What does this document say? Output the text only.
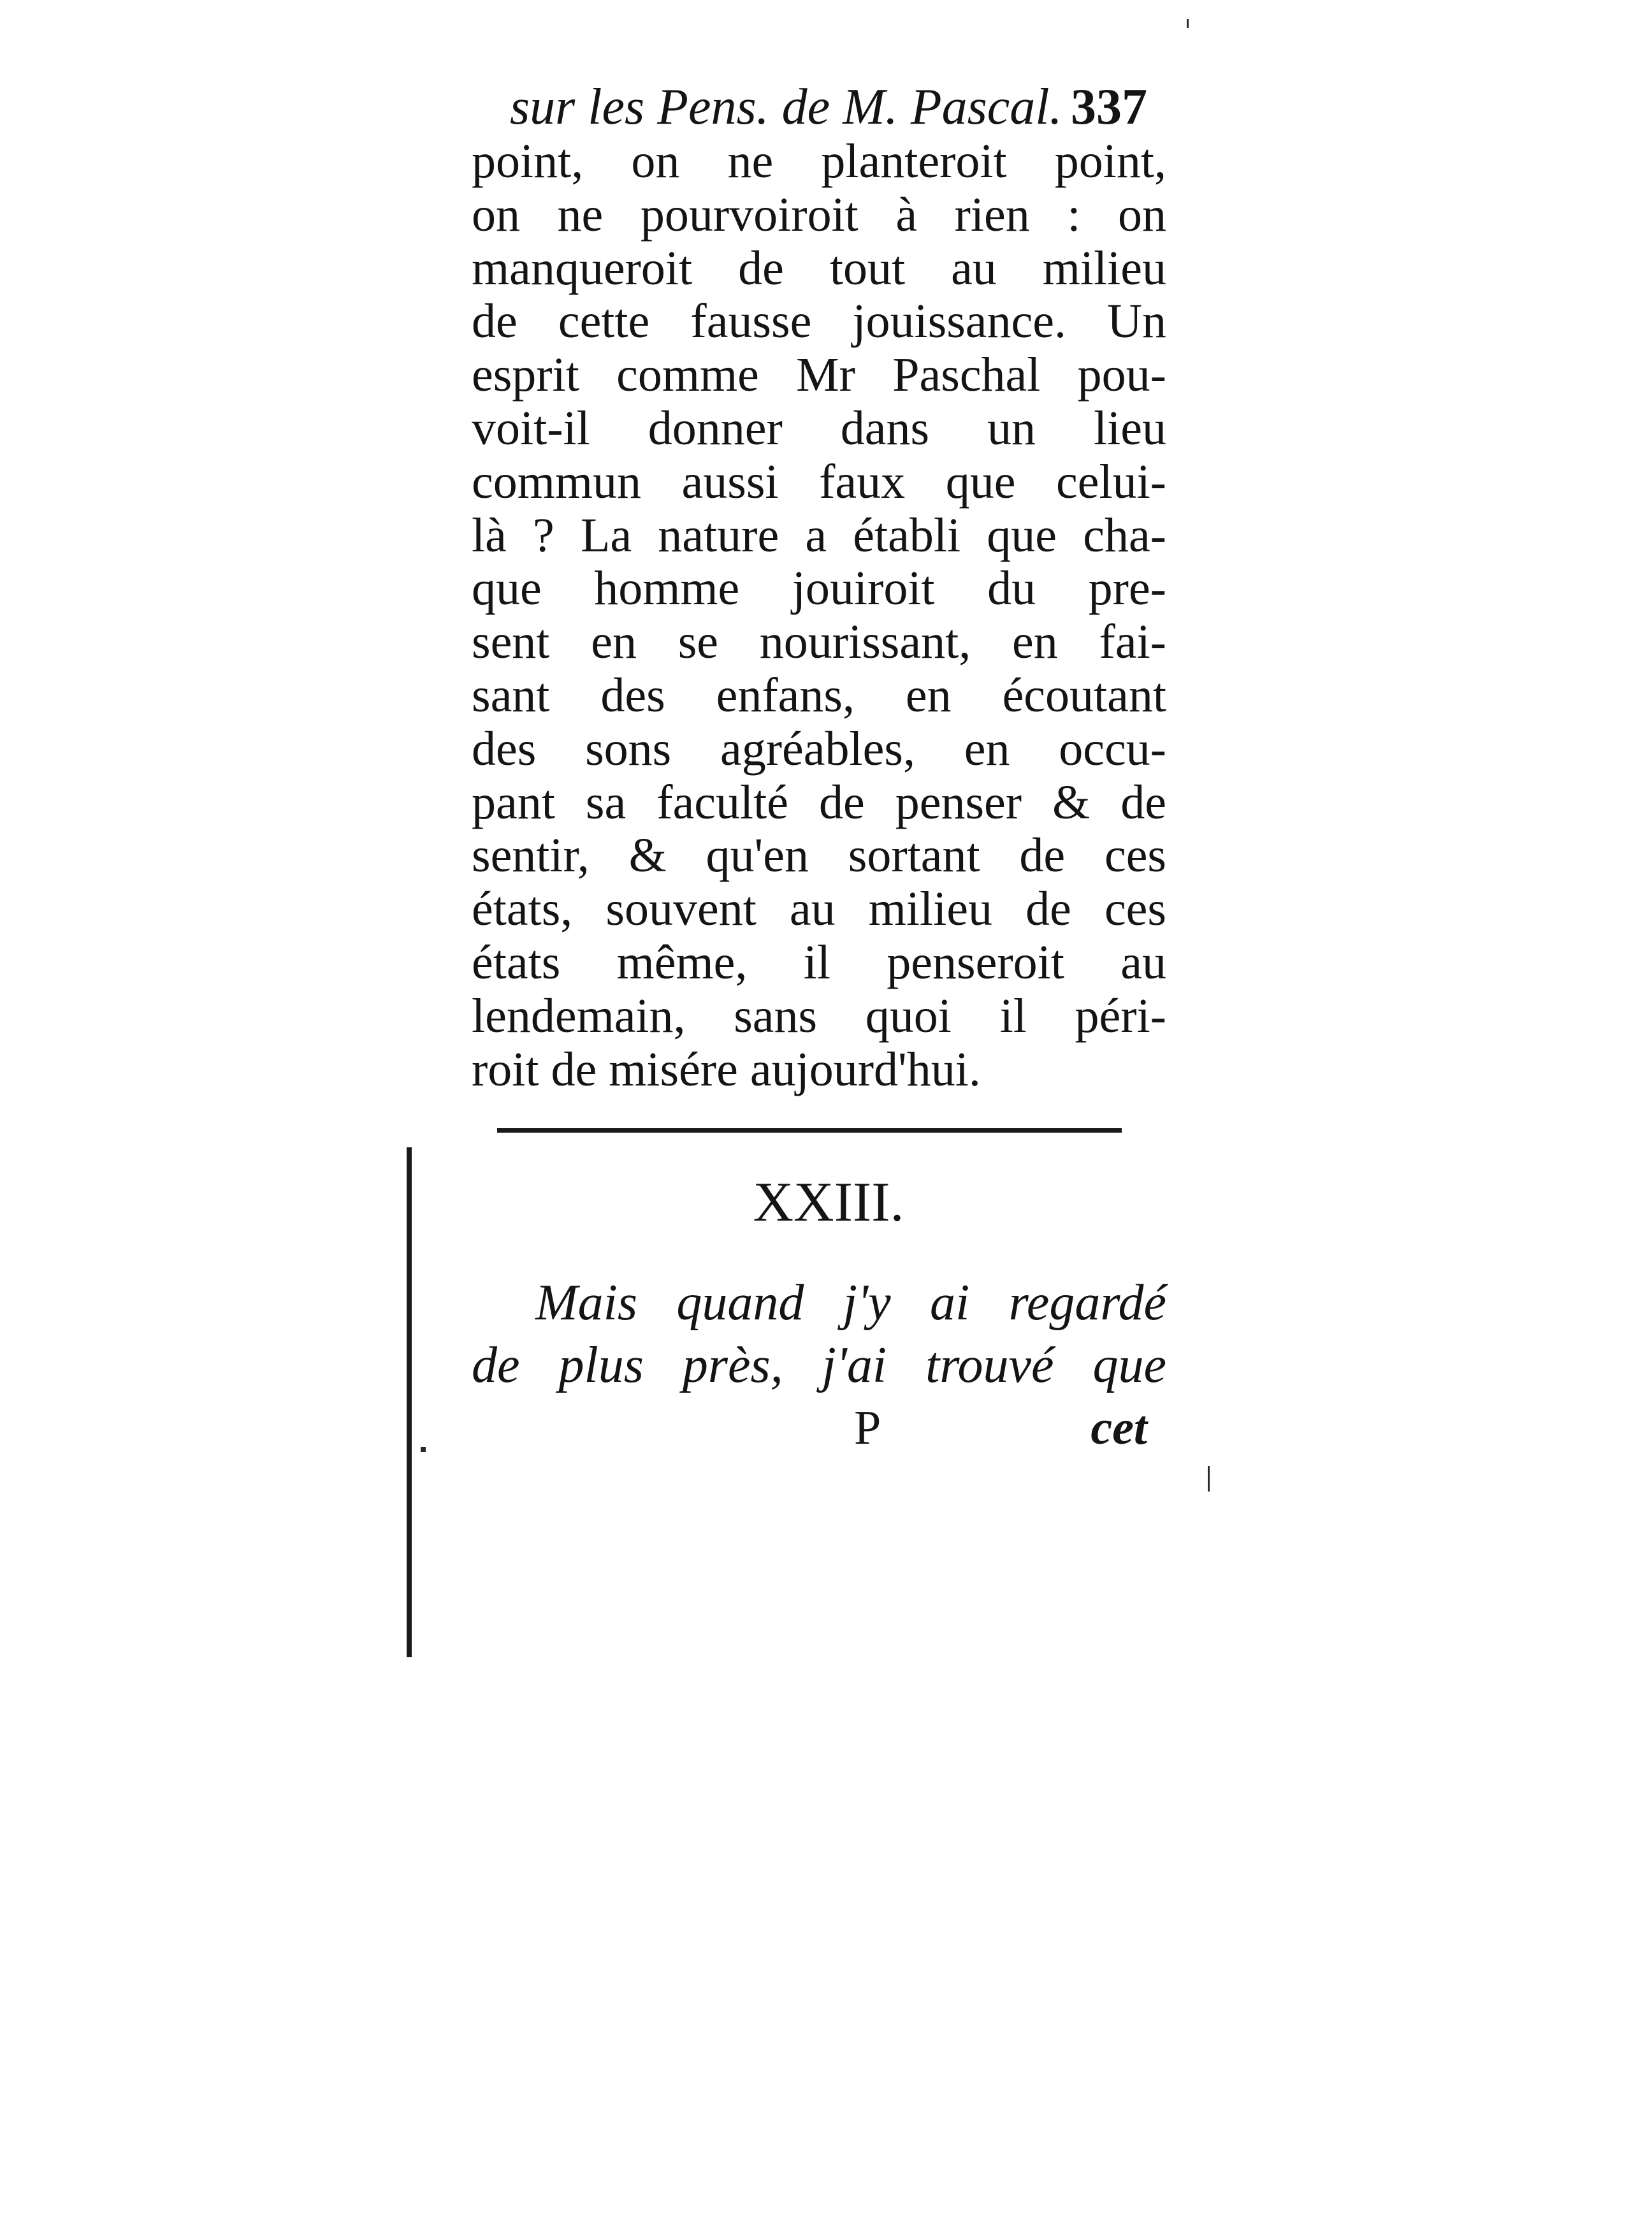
sur les Pens. de M. Pascal. 337
point, on ne planteroit point,
on ne pourvoiroit à rien : on
manqueroit de tout au milieu
de cette fausse jouissance. Un
esprit comme Mr Paschal pou-
voit-il donner dans un lieu
commun aussi faux que celui-
là ? La nature a établi que cha-
que homme jouiroit du pre-
sent en se nourissant, en fai-
sant des enfans, en écoutant
des sons agréables, en occu-
pant sa faculté de penser & de
sentir, & qu'en sortant de ces
états, souvent au milieu de ces
états même, il penseroit au
lendemain, sans quoi il péri-
roit de misére aujourd'hui.
XXIII.
Mais quand j'y ai regardé
de plus près, j'ai trouvé que
P	cet
